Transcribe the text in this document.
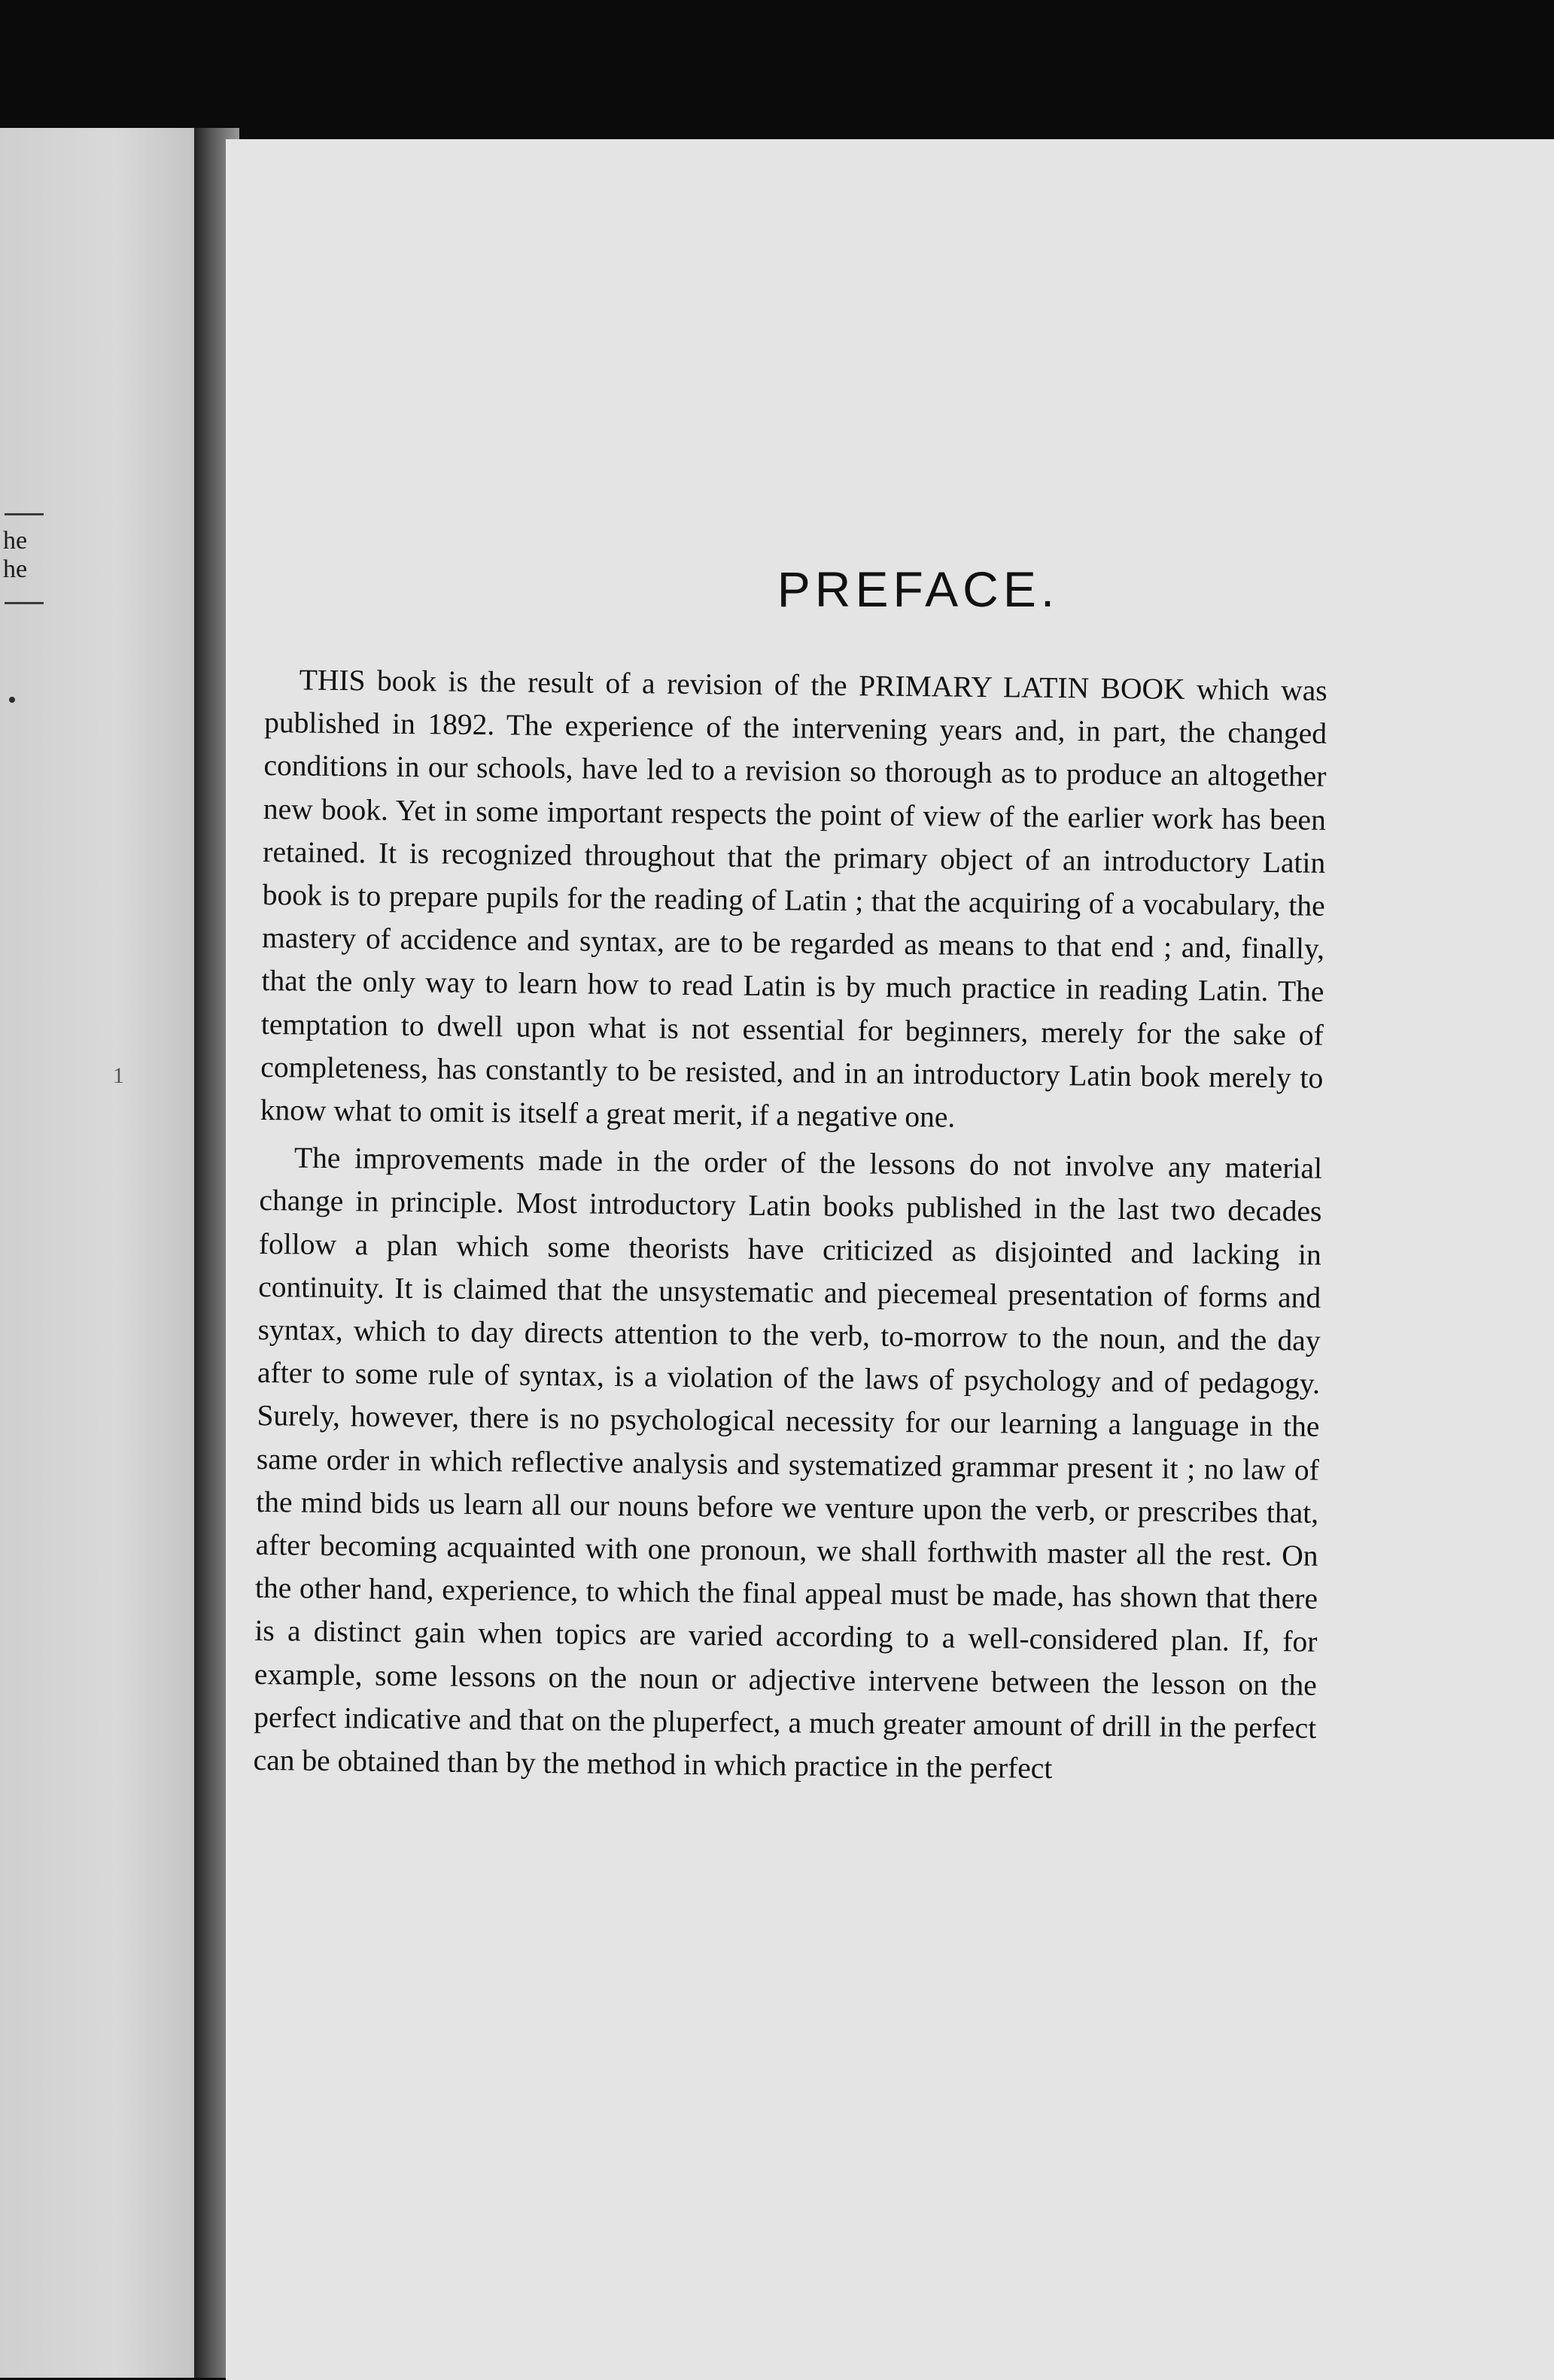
he
he
1
PREFACE.

THIS book is the result of a revision of the PRIMARY LATIN BOOK which was published in 1892. The experience of the intervening years and, in part, the changed conditions in our schools, have led to a revision so thorough as to produce an altogether new book. Yet in some important respects the point of view of the earlier work has been retained. It is recognized throughout that the primary object of an introductory Latin book is to prepare pupils for the reading of Latin ; that the acquiring of a vocabulary, the mastery of accidence and syntax, are to be regarded as means to that end ; and, finally, that the only way to learn how to read Latin is by much practice in reading Latin. The temptation to dwell upon what is not essential for beginners, merely for the sake of completeness, has constantly to be resisted, and in an introductory Latin book merely to know what to omit is itself a great merit, if a negative one.

The improvements made in the order of the lessons do not involve any material change in principle. Most introductory Latin books published in the last two decades follow a plan which some theorists have criticized as disjointed and lacking in continuity. It is claimed that the unsystematic and piecemeal presentation of forms and syntax, which to day directs attention to the verb, to-morrow to the noun, and the day after to some rule of syntax, is a violation of the laws of psychology and of pedagogy. Surely, however, there is no psychological necessity for our learning a language in the same order in which reflective analysis and systematized grammar present it ; no law of the mind bids us learn all our nouns before we venture upon the verb, or prescribes that, after becoming acquainted with one pronoun, we shall forthwith master all the rest. On the other hand, experience, to which the final appeal must be made, has shown that there is a distinct gain when topics are varied according to a well-considered plan. If, for example, some lessons on the noun or adjective intervene between the lesson on the perfect indicative and that on the pluperfect, a much greater amount of drill in the perfect can be obtained than by the method in which practice in the perfect
